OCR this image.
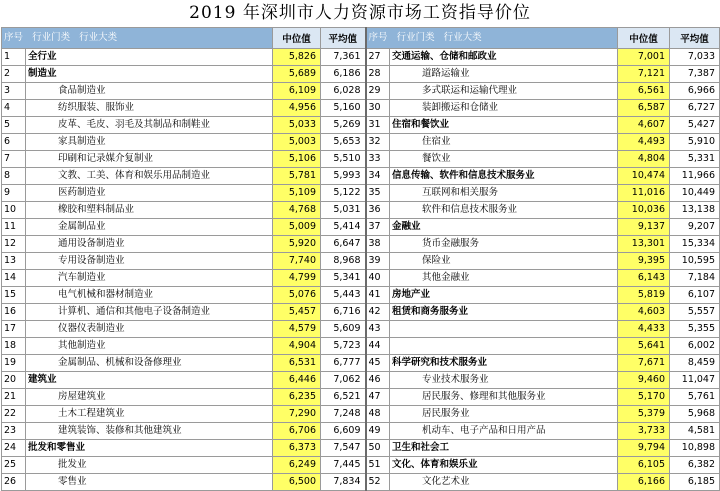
2019 年深圳市人力资源市场工资指导价位
序号 行业门类 行业大类		中位值	平均值	序号 行业门类 行业大类		中位值	平均值
1	全行业	5,826	7,361	27	交通运输、仓储和邮政业	7,001	7,033
2	制造业	5,689	6,186	28	道路运输业	7,121	7,387
3	食品制造业	6,109	6,028	29	多式联运和运输代理业	6,561	6,966
4	纺织服装、服饰业	4,956	5,160	30	装卸搬运和仓储业	6,587	6,727
5	皮革、毛皮、羽毛及其制品和制鞋业	5,033	5,269	31	住宿和餐饮业	4,607	5,427
6	家具制造业	5,003	5,653	32	住宿业	4,493	5,910
7	印刷和记录媒介复制业	5,106	5,510	33	餐饮业	4,804	5,331
8	文教、工美、体育和娱乐用品制造业	5,781	5,993	34	信息传输、软件和信息技术服务业	10,474	11,966
9	医药制造业	5,109	5,122	35	互联网和相关服务	11,016	10,449
10	橡胶和塑料制品业	4,768	5,031	36	软件和信息技术服务业	10,036	13,138
11	金属制品业	5,009	5,414	37	金融业	9,137	9,207
12	通用设备制造业	5,920	6,647	38	货币金融服务	13,301	15,334
13	专用设备制造业	7,740	8,968	39	保险业	9,395	10,595
14	汽车制造业	4,799	5,341	40	其他金融业	6,143	7,184
15	电气机械和器材制造业	5,076	5,443	41	房地产业	5,819	6,107
16	计算机、通信和其他电子设备制造业	5,457	6,716	42	租赁和商务服务业	4,603	5,557
17	仪器仪表制造业	4,579	5,609	43		4,433	5,355
18	其他制造业	4,904	5,723	44		5,641	6,002
19	金属制品、机械和设备修理业	6,531	6,777	45	科学研究和技术服务业	7,671	8,459
20	建筑业	6,446	7,062	46	专业技术服务业	9,460	11,047
21	房屋建筑业	6,235	6,521	47	居民服务、修理和其他服务业	5,170	5,761
22	土木工程建筑业	7,290	7,248	48	居民服务业	5,379	5,968
23	建筑装饰、装修和其他建筑业	6,706	6,609	49	机动车、电子产品和日用产品	3,733	4,581
24	批发和零售业	6,373	7,547	50	卫生和社会工	9,794	10,898
25	批发业	6,249	7,445	51	文化、体育和娱乐业	6,105	6,382
26	零售业	6,500	7,834	52	文化艺术业	6,166	6,185
